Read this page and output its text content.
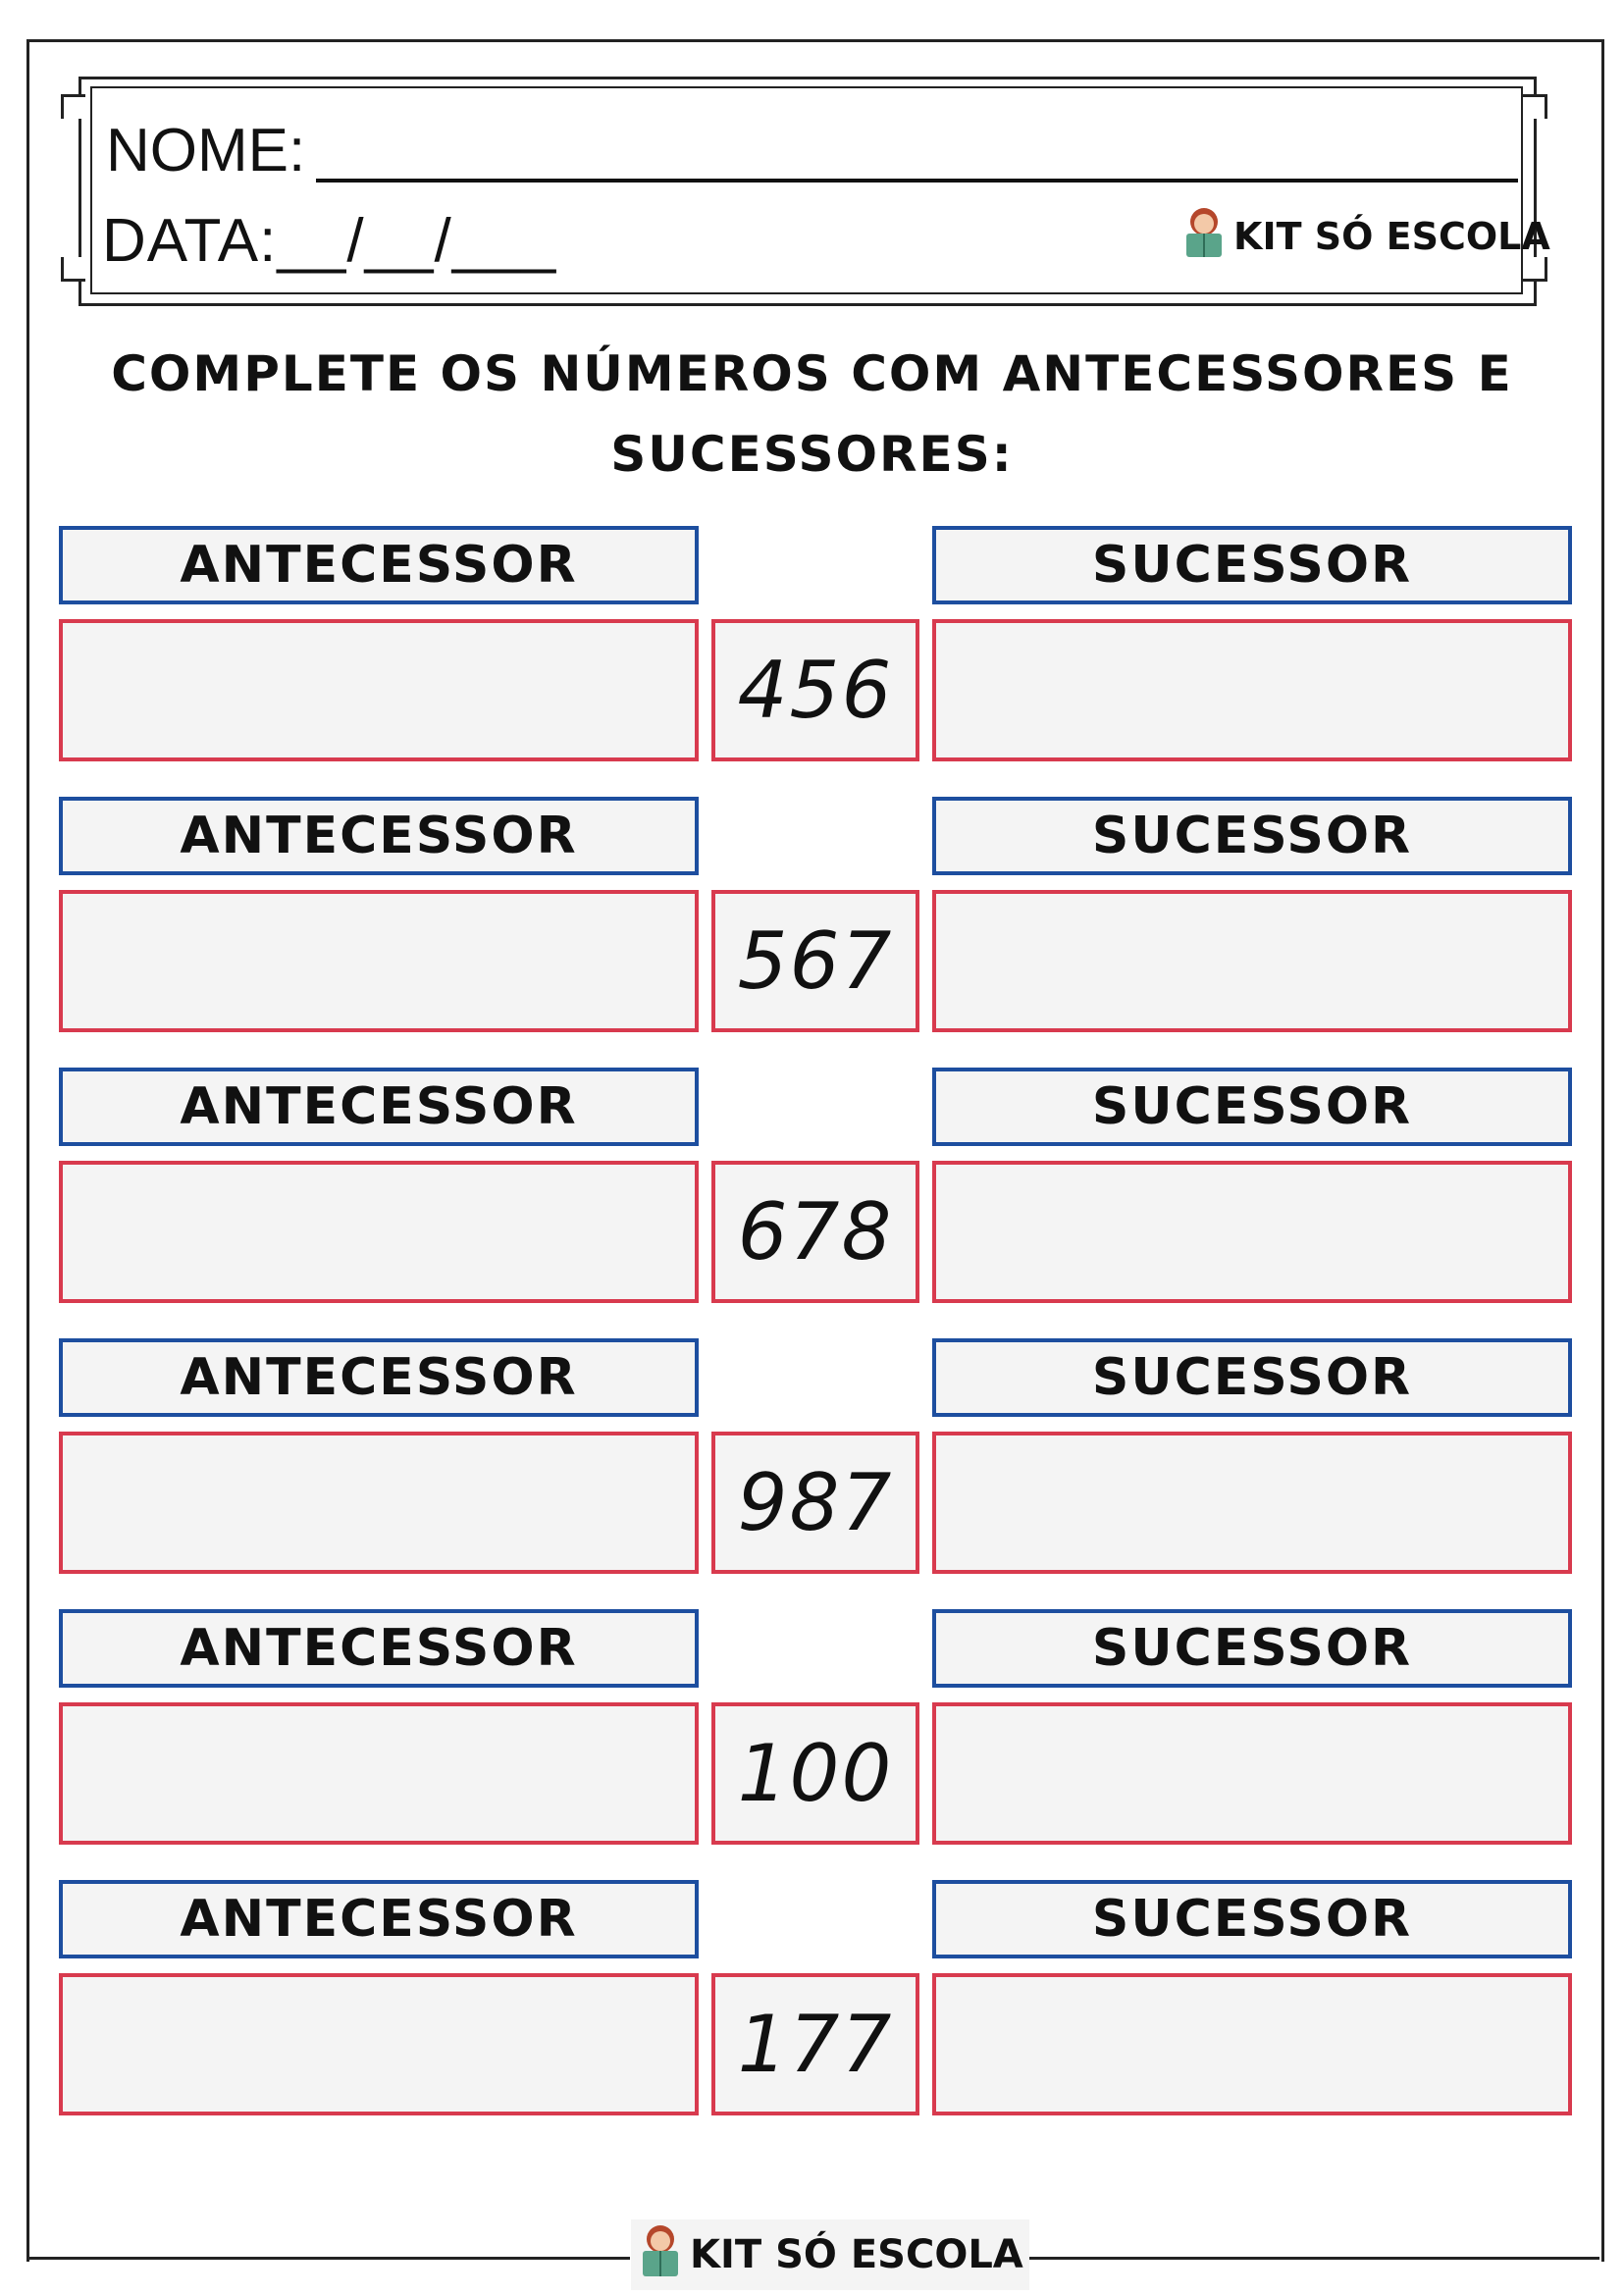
NOME:
DATA:__/__/___	KIT SÓ ESCOLA
COMPLETE OS NÚMEROS COM ANTECESSORES E SUCESSORES:
ANTECESSOR	SUCESSOR
456
ANTECESSOR	SUCESSOR
567
ANTECESSOR	SUCESSOR
678
ANTECESSOR	SUCESSOR
987
ANTECESSOR	SUCESSOR
100
ANTECESSOR	SUCESSOR
177
KIT SÓ ESCOLA
